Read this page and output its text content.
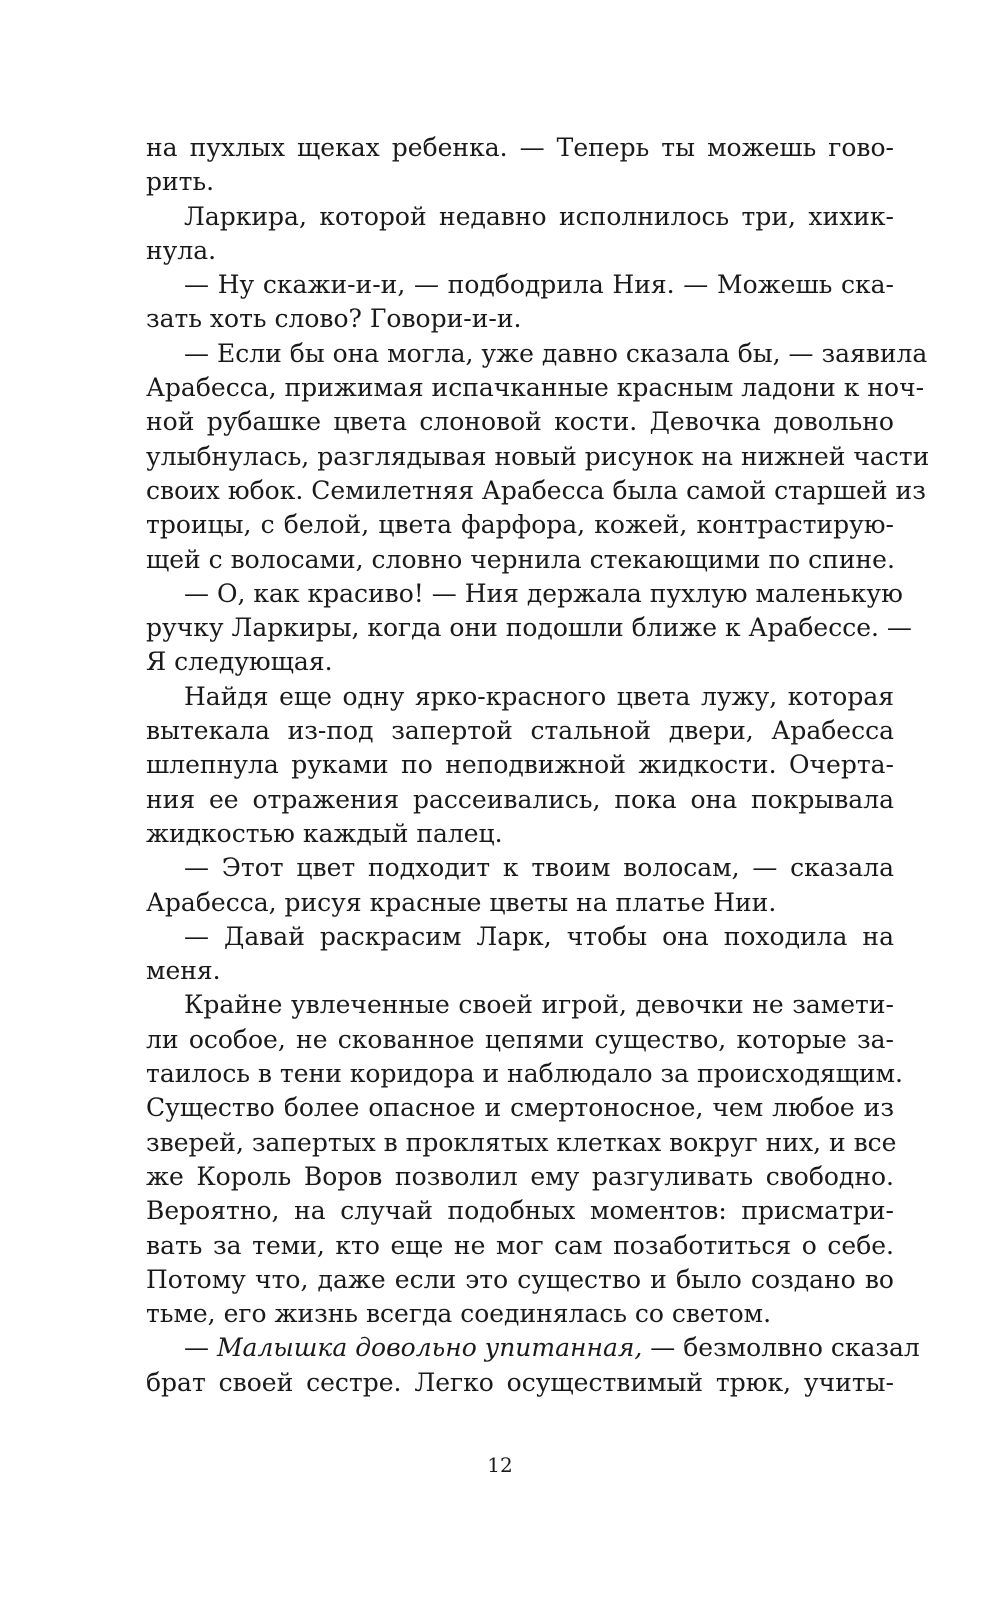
на пухлых щеках ребенка. — Теперь ты можешь гово-
рить.
Ларкира, которой недавно исполнилось три, хихик-
нула.
— Ну скажи-и-и, — подбодрила Ния. — Можешь ска-
зать хоть слово? Говори-и-и.
— Если бы она могла, уже давно сказала бы, — заявила
Арабесса, прижимая испачканные красным ладони к ноч-
ной рубашке цвета слоновой кости. Девочка довольно
улыбнулась, разглядывая новый рисунок на нижней части
своих юбок. Семилетняя Арабесса была самой старшей из
троицы, с белой, цвета фарфора, кожей, контрастирую-
щей с волосами, словно чернила стекающими по спине.
— О, как красиво! — Ния держала пухлую маленькую
ручку Ларкиры, когда они подошли ближе к Арабессе. —
Я следующая.
Найдя еще одну ярко-красного цвета лужу, которая
вытекала из-под запертой стальной двери, Арабесса
шлепнула руками по неподвижной жидкости. Очерта-
ния ее отражения рассеивались, пока она покрывала
жидкостью каждый палец.
— Этот цвет подходит к твоим волосам, — сказала
Арабесса, рисуя красные цветы на платье Нии.
— Давай раскрасим Ларк, чтобы она походила на
меня.
Крайне увлеченные своей игрой, девочки не замети-
ли особое, не скованное цепями существо, которые за-
таилось в тени коридора и наблюдало за происходящим.
Существо более опасное и смертоносное, чем любое из
зверей, запертых в проклятых клетках вокруг них, и все
же Король Воров позволил ему разгуливать свободно.
Вероятно, на случай подобных моментов: присматри-
вать за теми, кто еще не мог сам позаботиться о себе.
Потому что, даже если это существо и было создано во
тьме, его жизнь всегда соединялась со светом.
— Малышка довольно упитанная, — безмолвно сказал
брат своей сестре. Легко осуществимый трюк, учиты-
12
